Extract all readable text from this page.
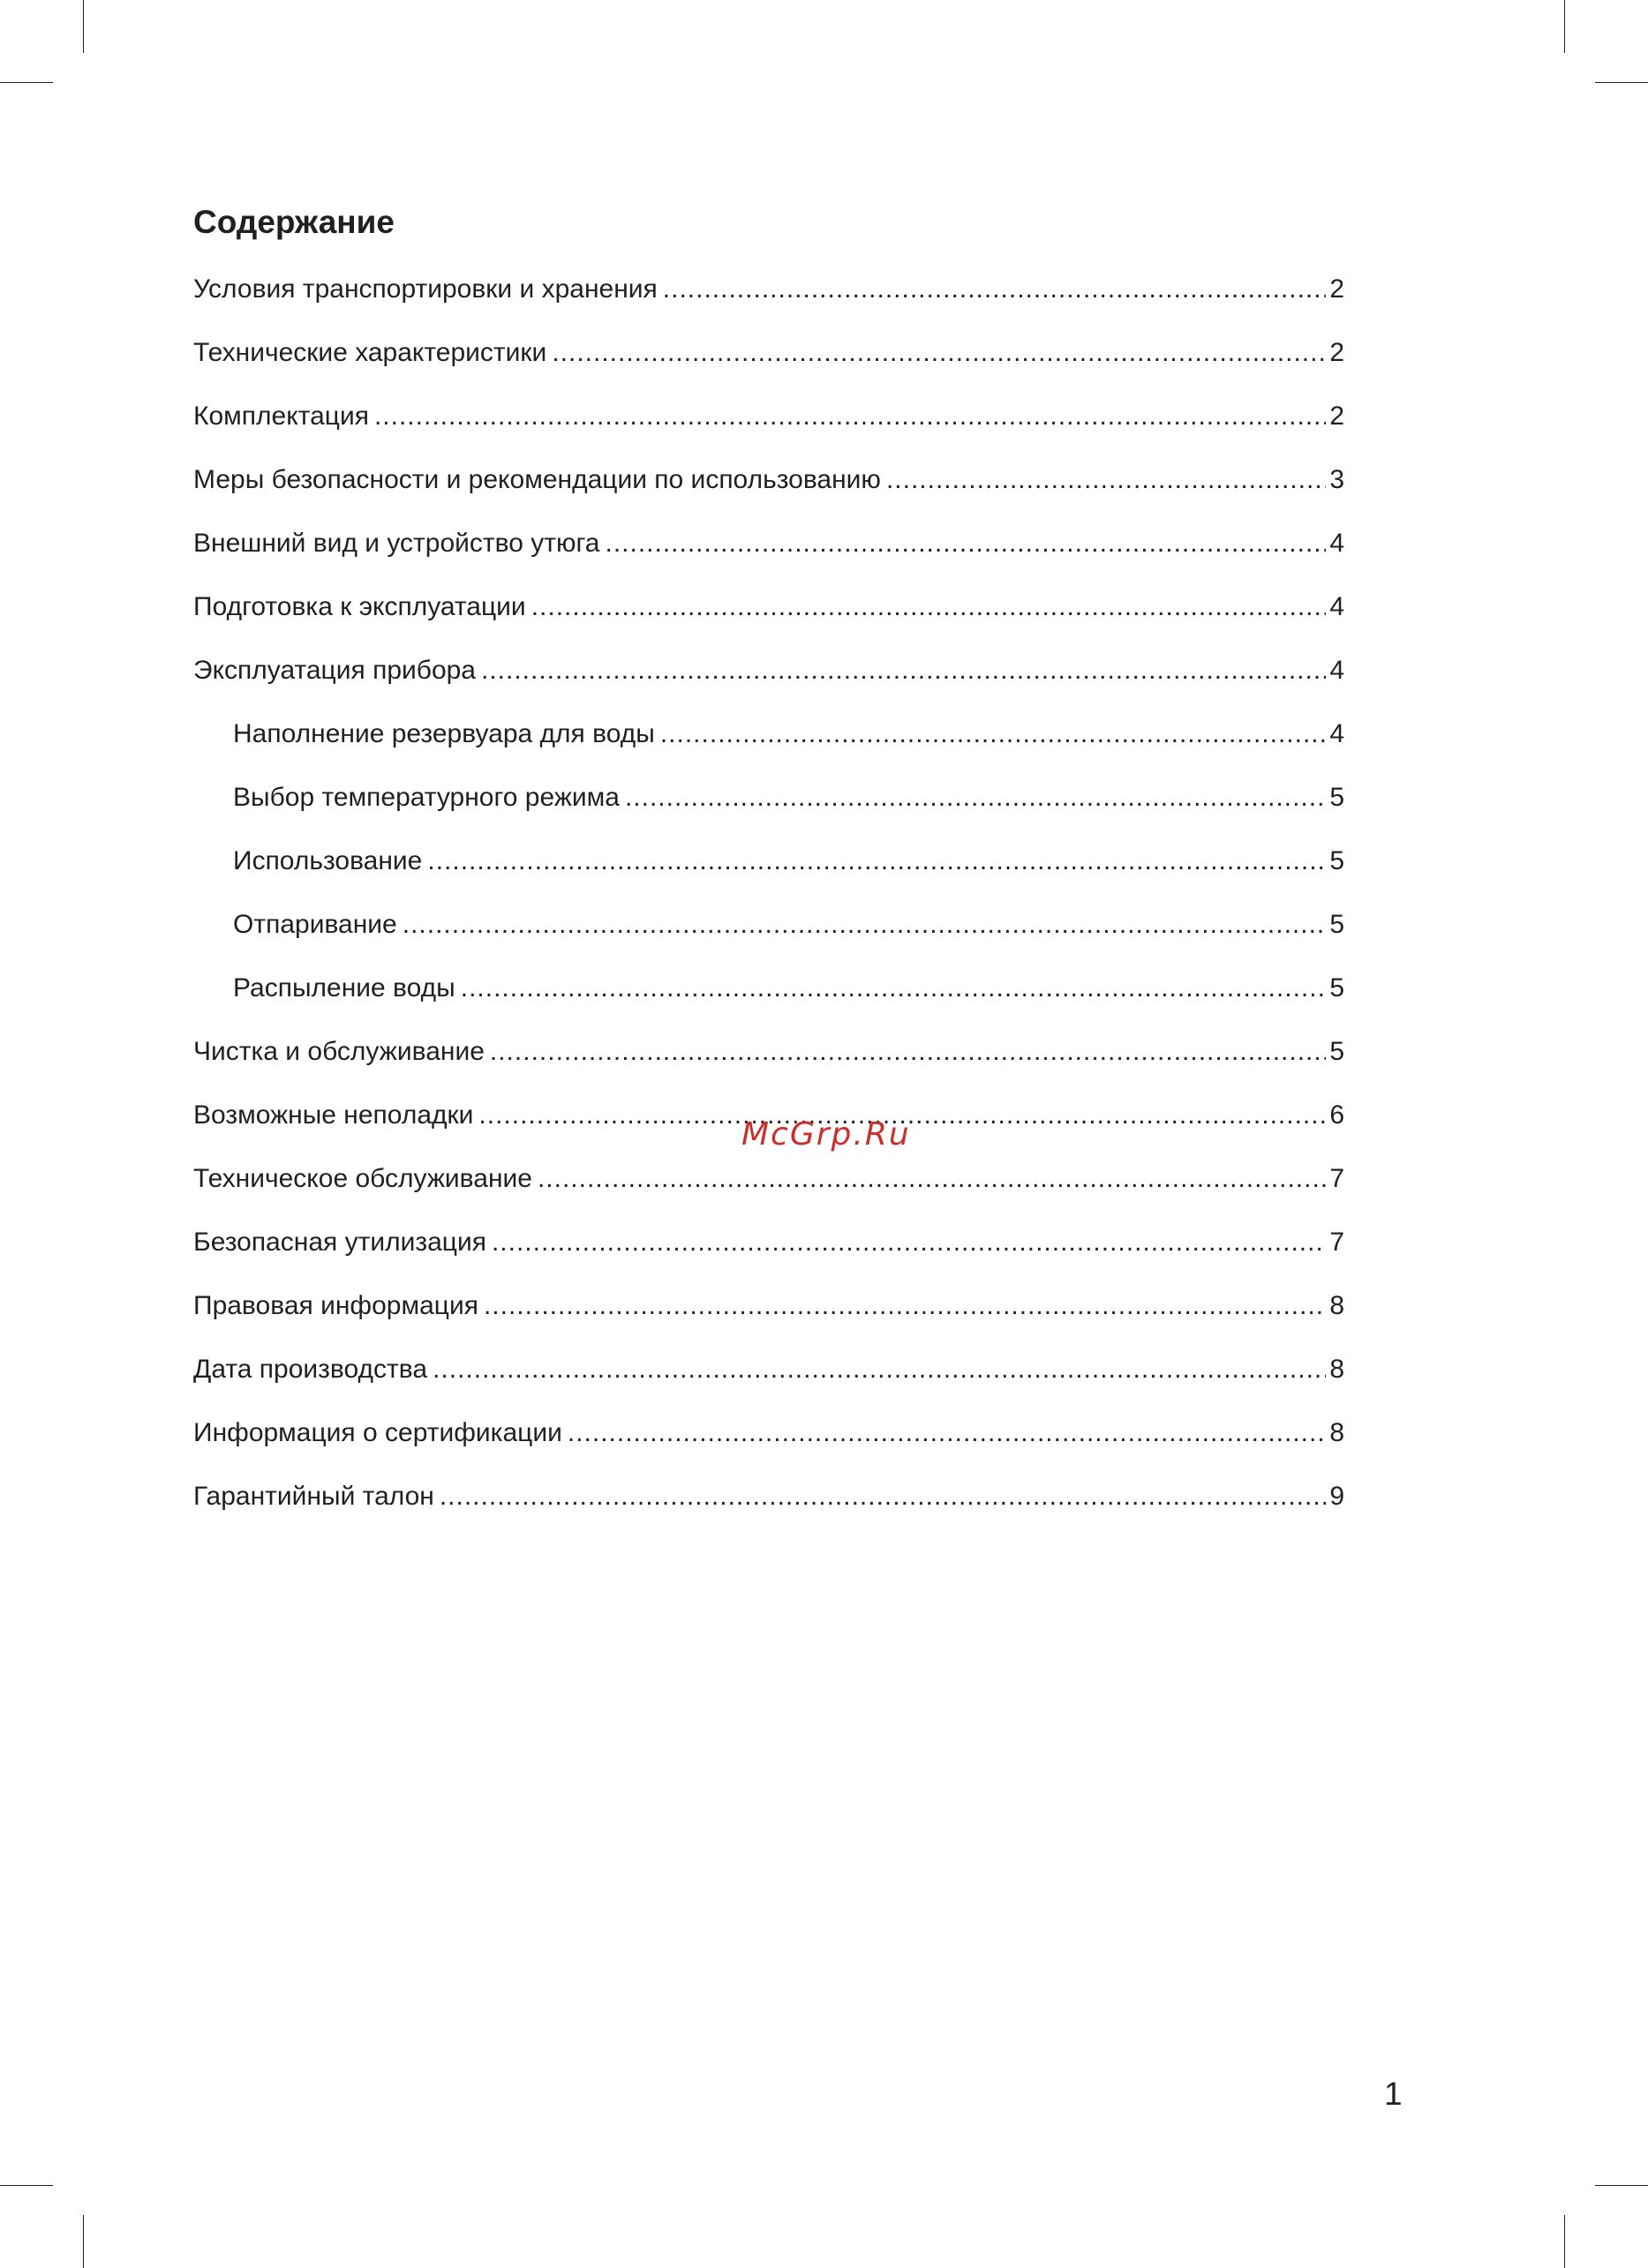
Содержание
Условия транспортировки и хранения .....	2
Технические характеристики .....	2
Комплектация .....	2
Меры безопасности и рекомендации по использованию .....	3
Внешний вид и устройство утюга .....	4
Подготовка к эксплуатации .....	4
Эксплуатация прибора .....	4
Наполнение резервуара для воды .....	4
Выбор температурного режима .....	5
Использование .....	5
Отпаривание .....	5
Распыление воды .....	5
Чистка и обслуживание .....	5
Возможные неполадки .....	6
Техническое обслуживание .....	7
Безопасная утилизация .....	7
Правовая информация .....	8
Дата производства .....	8
Информация о сертификации .....	8
Гарантийный талон .....	9
McGrp.Ru
1
